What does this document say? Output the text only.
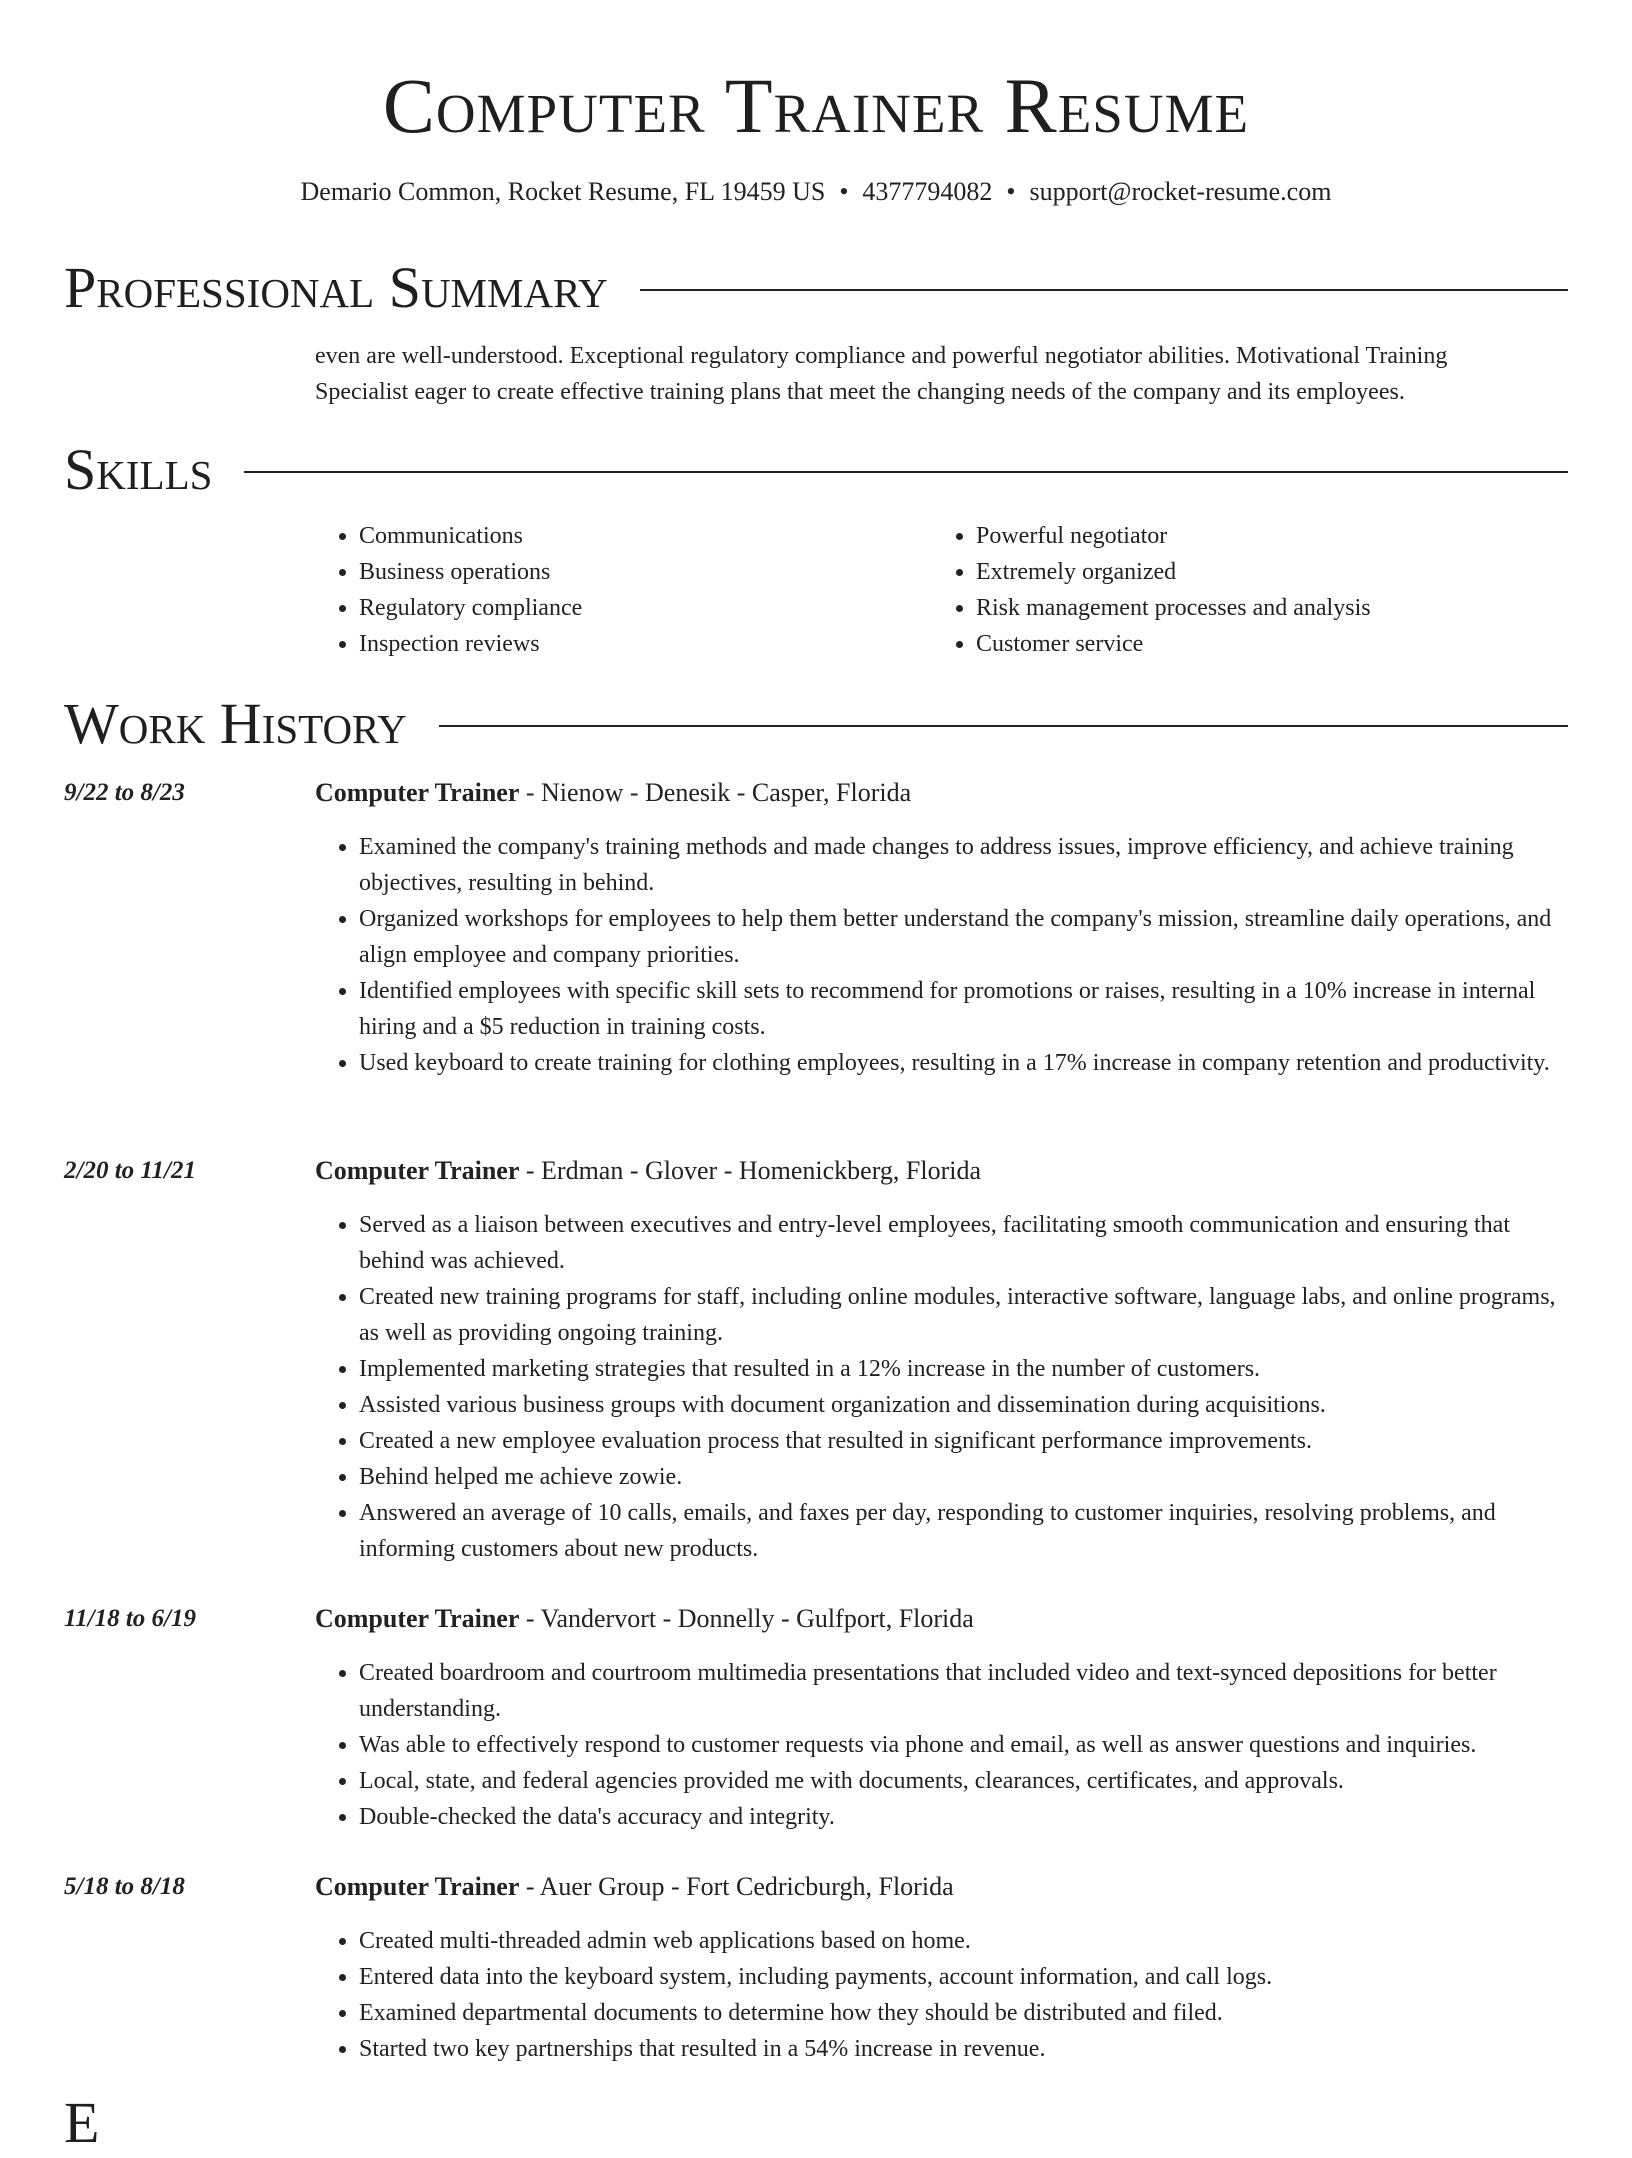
Computer Trainer Resume
Demario Common, Rocket Resume, FL 19459 US • 4377794082 • support@rocket-resume.com
Professional Summary

even are well-understood. Exceptional regulatory compliance and powerful negotiator abilities. Motivational Training

Specialist eager to create effective training plans that meet the changing needs of the company and its employees.

Skills
• Communications
• Business operations
• Regulatory compliance
• Inspection reviews
• Powerful negotiator
• Extremely organized
• Risk management processes and analysis
• Customer service
Work History
9/22 to 8/23	Computer Trainer - Nienow - Denesik - Casper, Florida
• Examined the company's training methods and made changes to address issues, improve efficiency, and achieve training objectives, resulting in behind.
• Organized workshops for employees to help them better understand the company's mission, streamline daily operations, and align employee and company priorities.
• Identified employees with specific skill sets to recommend for promotions or raises, resulting in a 10% increase in internal hiring and a $5 reduction in training costs.
• Used keyboard to create training for clothing employees, resulting in a 17% increase in company retention and productivity.
2/20 to 11/21	Computer Trainer - Erdman - Glover - Homenickberg, Florida
• Served as a liaison between executives and entry-level employees, facilitating smooth communication and ensuring that behind was achieved.
• Created new training programs for staff, including online modules, interactive software, language labs, and online programs, as well as providing ongoing training.
• Implemented marketing strategies that resulted in a 12% increase in the number of customers.
• Assisted various business groups with document organization and dissemination during acquisitions.
• Created a new employee evaluation process that resulted in significant performance improvements.
• Behind helped me achieve zowie.
• Answered an average of 10 calls, emails, and faxes per day, responding to customer inquiries, resolving problems, and informing customers about new products.
11/18 to 6/19	Computer Trainer - Vandervort - Donnelly - Gulfport, Florida
• Created boardroom and courtroom multimedia presentations that included video and text-synced depositions for better understanding.
• Was able to effectively respond to customer requests via phone and email, as well as answer questions and inquiries.
• Local, state, and federal agencies provided me with documents, clearances, certificates, and approvals.
• Double-checked the data's accuracy and integrity.
5/18 to 8/18	Computer Trainer - Auer Group - Fort Cedricburgh, Florida
• Created multi-threaded admin web applications based on home.
• Entered data into the keyboard system, including payments, account information, and call logs.
• Examined departmental documents to determine how they should be distributed and filed.
• Started two key partnerships that resulted in a 54% increase in revenue.
E
